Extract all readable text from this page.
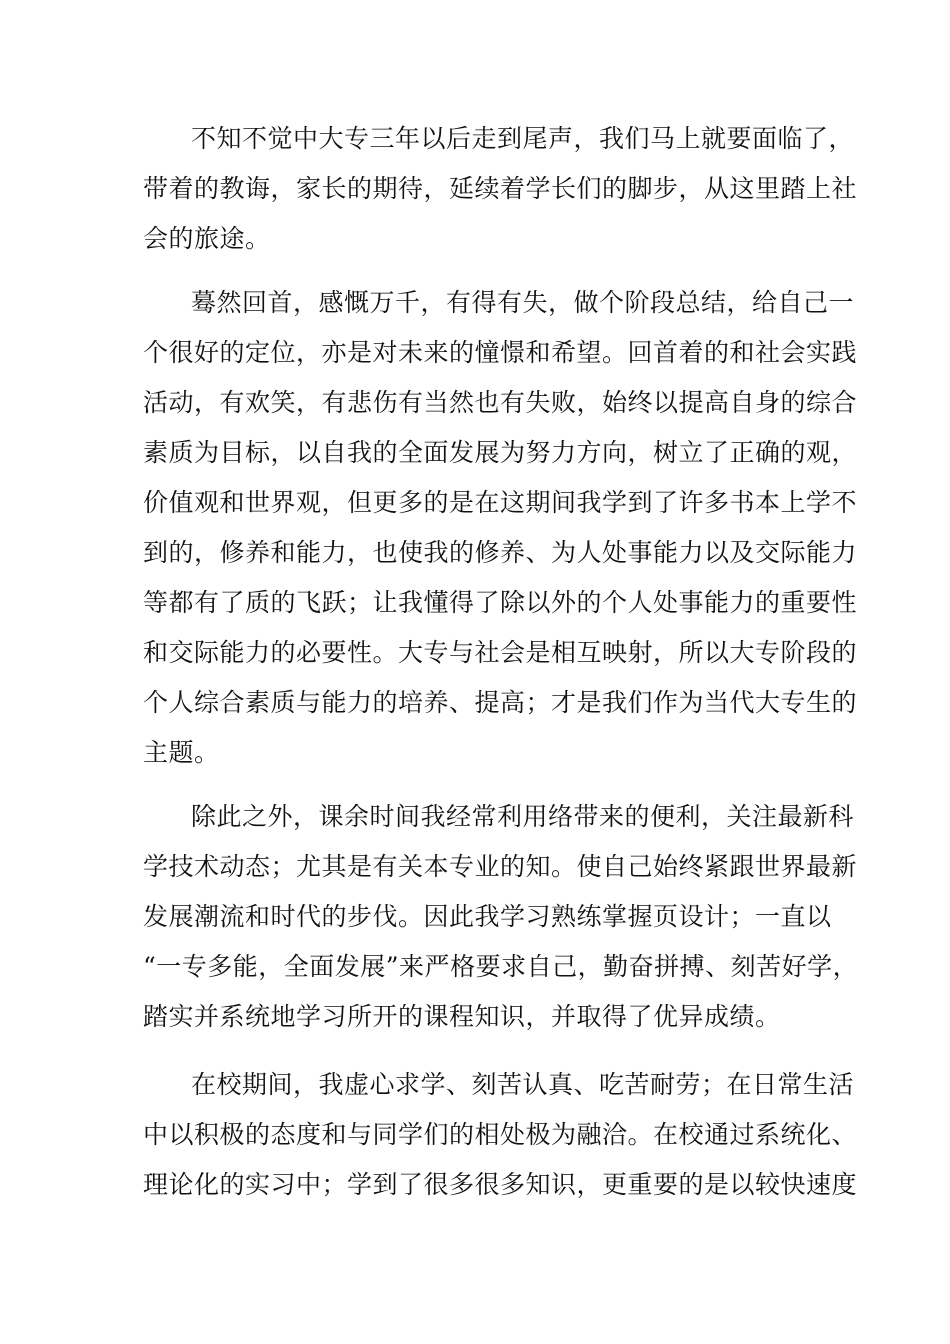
不知不觉中大专三年以后走到尾声，我们马上就要面临了，
带着的教诲，家长的期待，延续着学长们的脚步，从这里踏上社
会的旅途。
蓦然回首，感慨万千，有得有失，做个阶段总结，给自己一
个很好的定位，亦是对未来的憧憬和希望。回首着的和社会实践
活动，有欢笑，有悲伤有当然也有失败，始终以提高自身的综合
素质为目标，以自我的全面发展为努力方向，树立了正确的观，
价值观和世界观，但更多的是在这期间我学到了许多书本上学不
到的，修养和能力，也使我的修养、为人处事能力以及交际能力
等都有了质的飞跃；让我懂得了除以外的个人处事能力的重要性
和交际能力的必要性。大专与社会是相互映射，所以大专阶段的
个人综合素质与能力的培养、提高；才是我们作为当代大专生的
主题。
除此之外，课余时间我经常利用络带来的便利，关注最新科
学技术动态；尤其是有关本专业的知。使自己始终紧跟世界最新
发展潮流和时代的步伐。因此我学习熟练掌握页设计；一直以
“一专多能，全面发展”来严格要求自己，勤奋拼搏、刻苦好学，
踏实并系统地学习所开的课程知识，并取得了优异成绩。
在校期间，我虚心求学、刻苦认真、吃苦耐劳；在日常生活
中以积极的态度和与同学们的相处极为融洽。在校通过系统化、
理论化的实习中；学到了很多很多知识，更重要的是以较快速度
